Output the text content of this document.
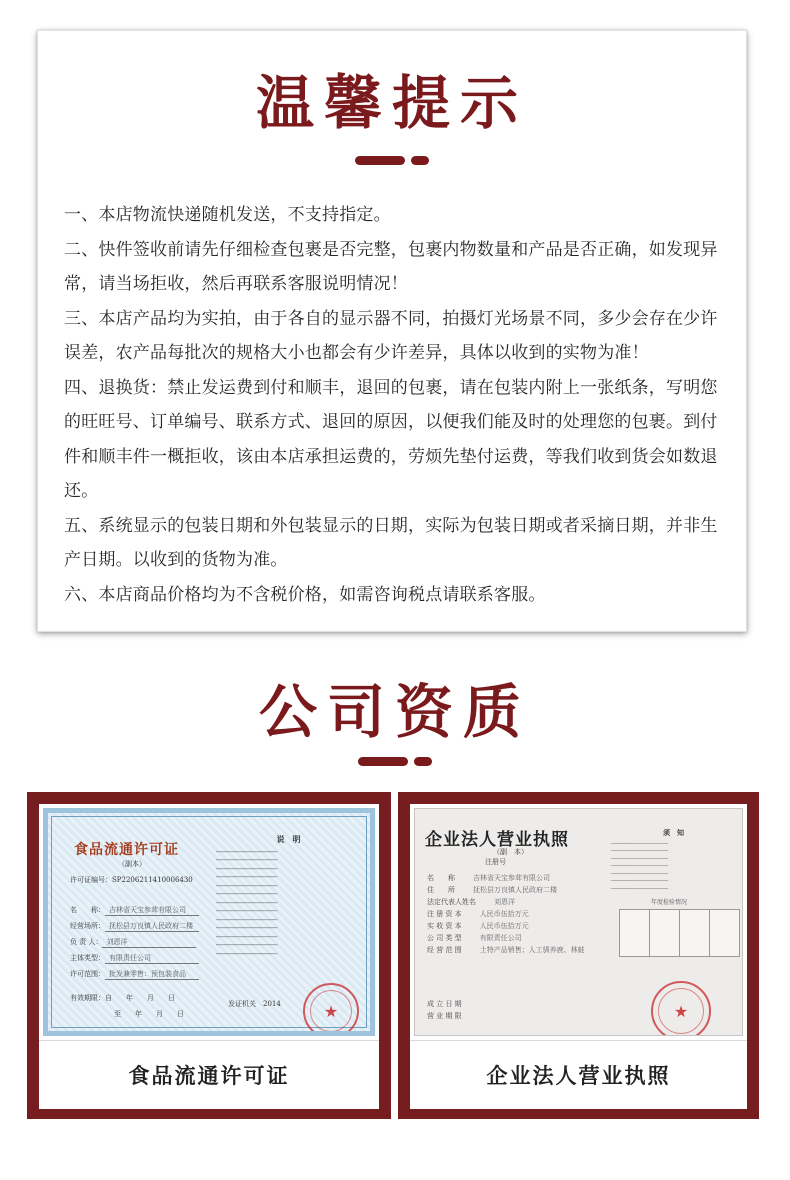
温馨提示
一、本店物流快递随机发送，不支持指定。
二、快件签收前请先仔细检查包裹是否完整，包裹内物数量和产品是否正确，如发现异常，请当场拒收，然后再联系客服说明情况！
三、本店产品均为实拍，由于各自的显示器不同，拍摄灯光场景不同，多少会存在少许误差，农产品每批次的规格大小也都会有少许差异，具体以收到的实物为准！
四、退换货：禁止发运费到付和顺丰，退回的包裹，请在包装内附上一张纸条，写明您的旺旺号、订单编号、联系方式、退回的原因，以便我们能及时的处理您的包裹。到付件和顺丰件一概拒收，该由本店承担运费的，劳烦先垫付运费，等我们收到货会如数退还。
五、系统显示的包装日期和外包装显示的日期，实际为包装日期或者采摘日期，并非生产日期。以收到的货物为准。
六、本店商品价格均为不含税价格，如需咨询税点请联系客服。
公司资质
食品流通许可证
（副本）
许可证编号：SP2206211410006430
名　　称： 吉林省天宝参茸有限公司
经营场所： 抚松县万良镇人民政府二楼
负 责 人： 刘恩洋
主体类型： 有限责任公司
许可范围： 批发兼零售：预包装食品
有效期限：自　　年　　月　　日
至　　年　　月　　日
说　明
─────────────────
─────────────────
─────────────────
─────────────────
─────────────────
─────────────────
─────────────────
─────────────────
─────────────────
─────────────────
─────────────────
─────────────────
─────────────────
发证机关　 2014
★
食品流通许可证
企业法人营业执照
（副　本）
注册号
名　　称	吉林省天宝参茸有限公司
住　　所	抚松县万良镇人民政府二楼
法定代表人姓名	刘恩洋
注 册 资 本	人民币伍拾万元
实 收 资 本	人民币伍拾万元
公 司 类 型	有限责任公司
经 营 范 围	土特产品销售；人工驯养鹿、林蛙
成 立 日 期
营 业 期 限
须　知
───────────────────
───────────────────
───────────────────
───────────────────
───────────────────
───────────────────
───────────────────
年度检验情况
★
企业法人营业执照
